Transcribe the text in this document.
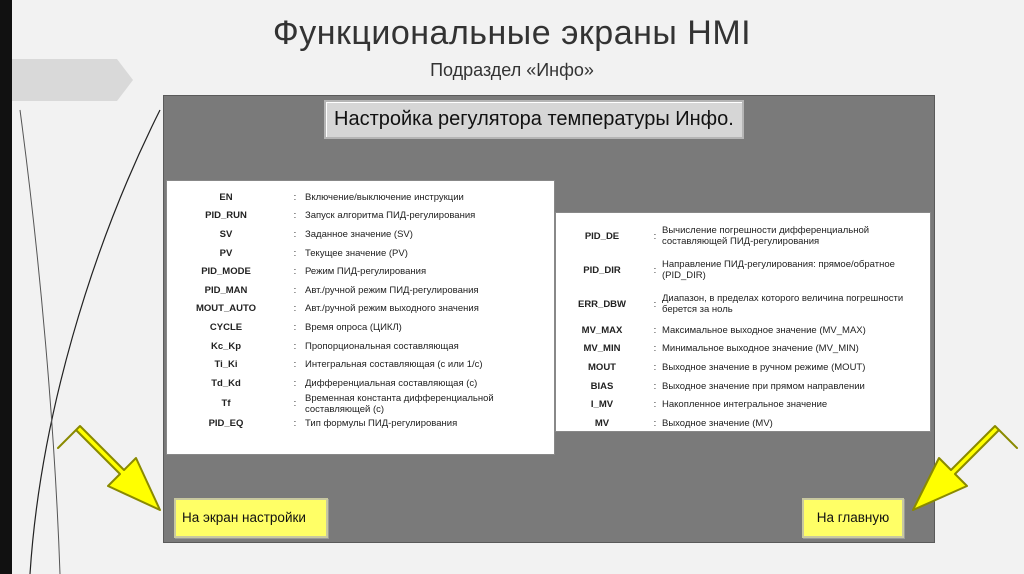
Функциональные экраны HMI
Подраздел «Инфо»
Настройка регулятора температуры Инфо.
EN	:	Включение/выключение инструкции
PID_RUN	:	Запуск алгоритма ПИД-регулирования
SV	:	Заданное значение (SV)
PV	:	Текущее значение (PV)
PID_MODE	:	Режим ПИД-регулирования
PID_MAN	:	Авт./ручной режим ПИД-регулирования
MOUT_AUTO	:	Авт./ручной режим выходного значения
CYCLE	:	Время опроса (ЦИКЛ)
Kc_Kp	:	Пропорциональная составляющая
Ti_Ki	:	Интегральная составляющая (с или 1/с)
Td_Kd	:	Дифференциальная составляющая (с)
Tf	:	Временная константа дифференциальной составляющей (с)
PID_EQ	:	Тип формулы ПИД-регулирования
PID_DE	:	Вычисление погрешности дифференциальной составляющей ПИД-регулирования
PID_DIR	:	Направление ПИД-регулирования: прямое/обратное (PID_DIR)
ERR_DBW	:	Диапазон, в пределах которого величина погрешности берется за ноль
MV_MAX	:	Максимальное выходное значение (MV_MAX)
MV_MIN	:	Минимальное выходное значение (MV_MIN)
MOUT	:	Выходное значение в ручном режиме (MOUT)
BIAS	:	Выходное значение при прямом направлении
I_MV	:	Накопленное интегральное значение
MV	:	Выходное значение (MV)
На экран настройки	На главную
